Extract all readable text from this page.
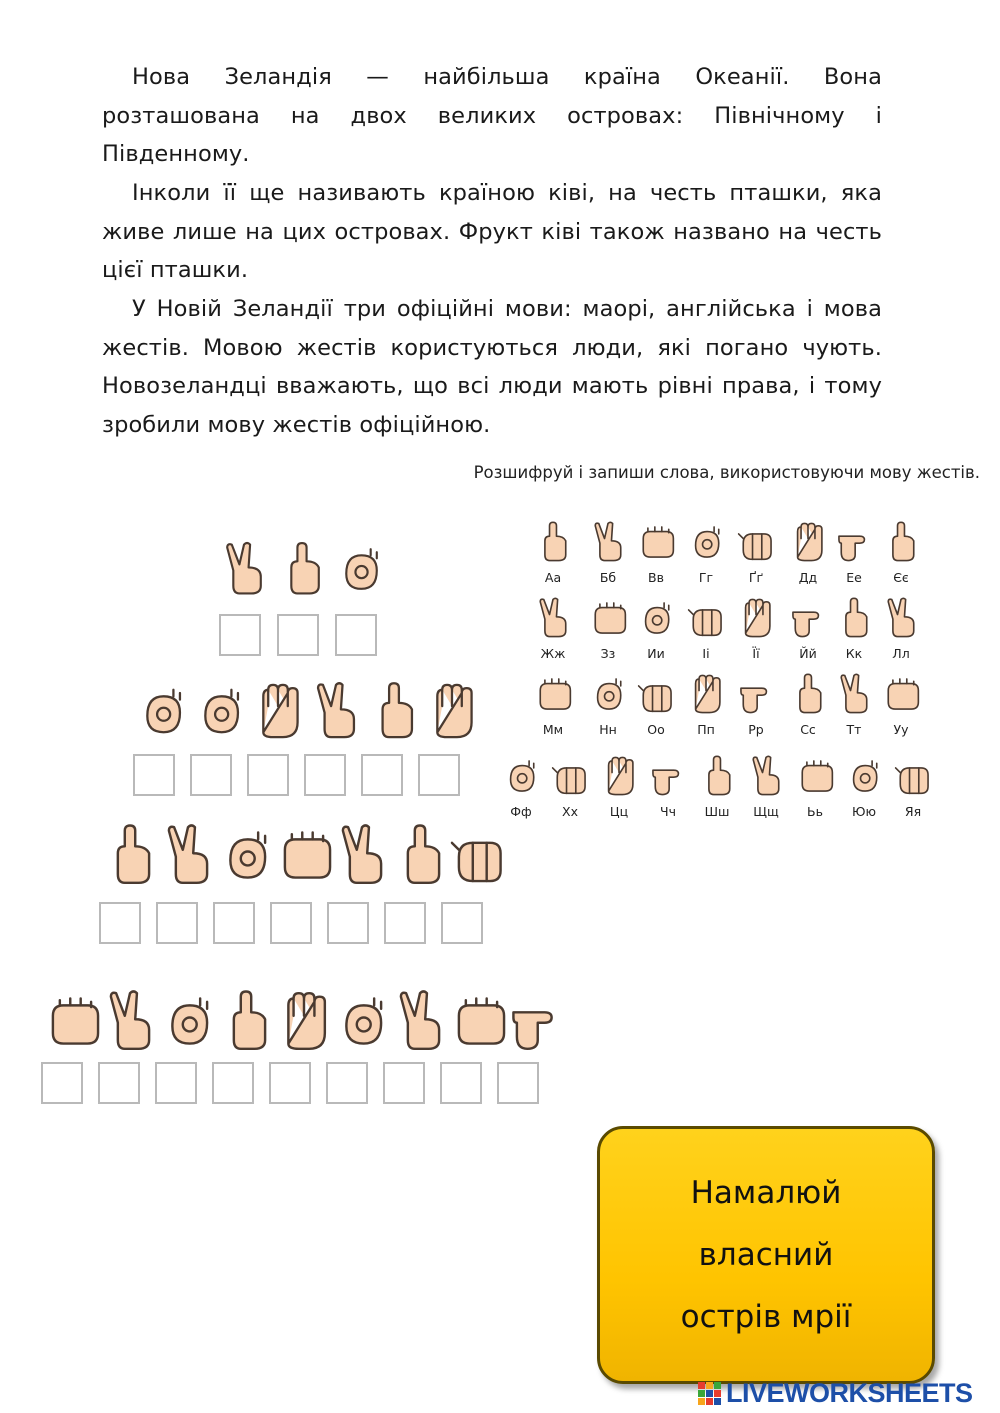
Нова Зеландія — найбільша країна Океанії. Вона розташована на двох великих островах: Північному і Південному.
Інколи її ще називають країною ківі, на честь пташки, яка живе лише на цих островах. Фрукт ківі також названо на честь цієї пташки.
У Новій Зеландії три офіційні мови: маорі, англійська і мова жестів. Мовою жестів користуються люди, які погано чують. Новозеландці вважають, що всі люди мають рівні права, і тому зробили мову жестів офіційною.
Розшифруй і запиши слова, використовуючи мову жестів.
Аа	Бб	Вв	Гг	Ґґ	Дд	Ее	Єє
Жж	Зз	Ии	Іі	Її	Йй	Кк	Лл
Мм	Нн	Оо	Пп	Рр	Сс	Тт	Уу
Фф	Хх	Цц	Чч	Шш	Щщ	Ьь	Юю	Яя
Намалюй
власний
острів мрії
LIVEWORKSHEETS
